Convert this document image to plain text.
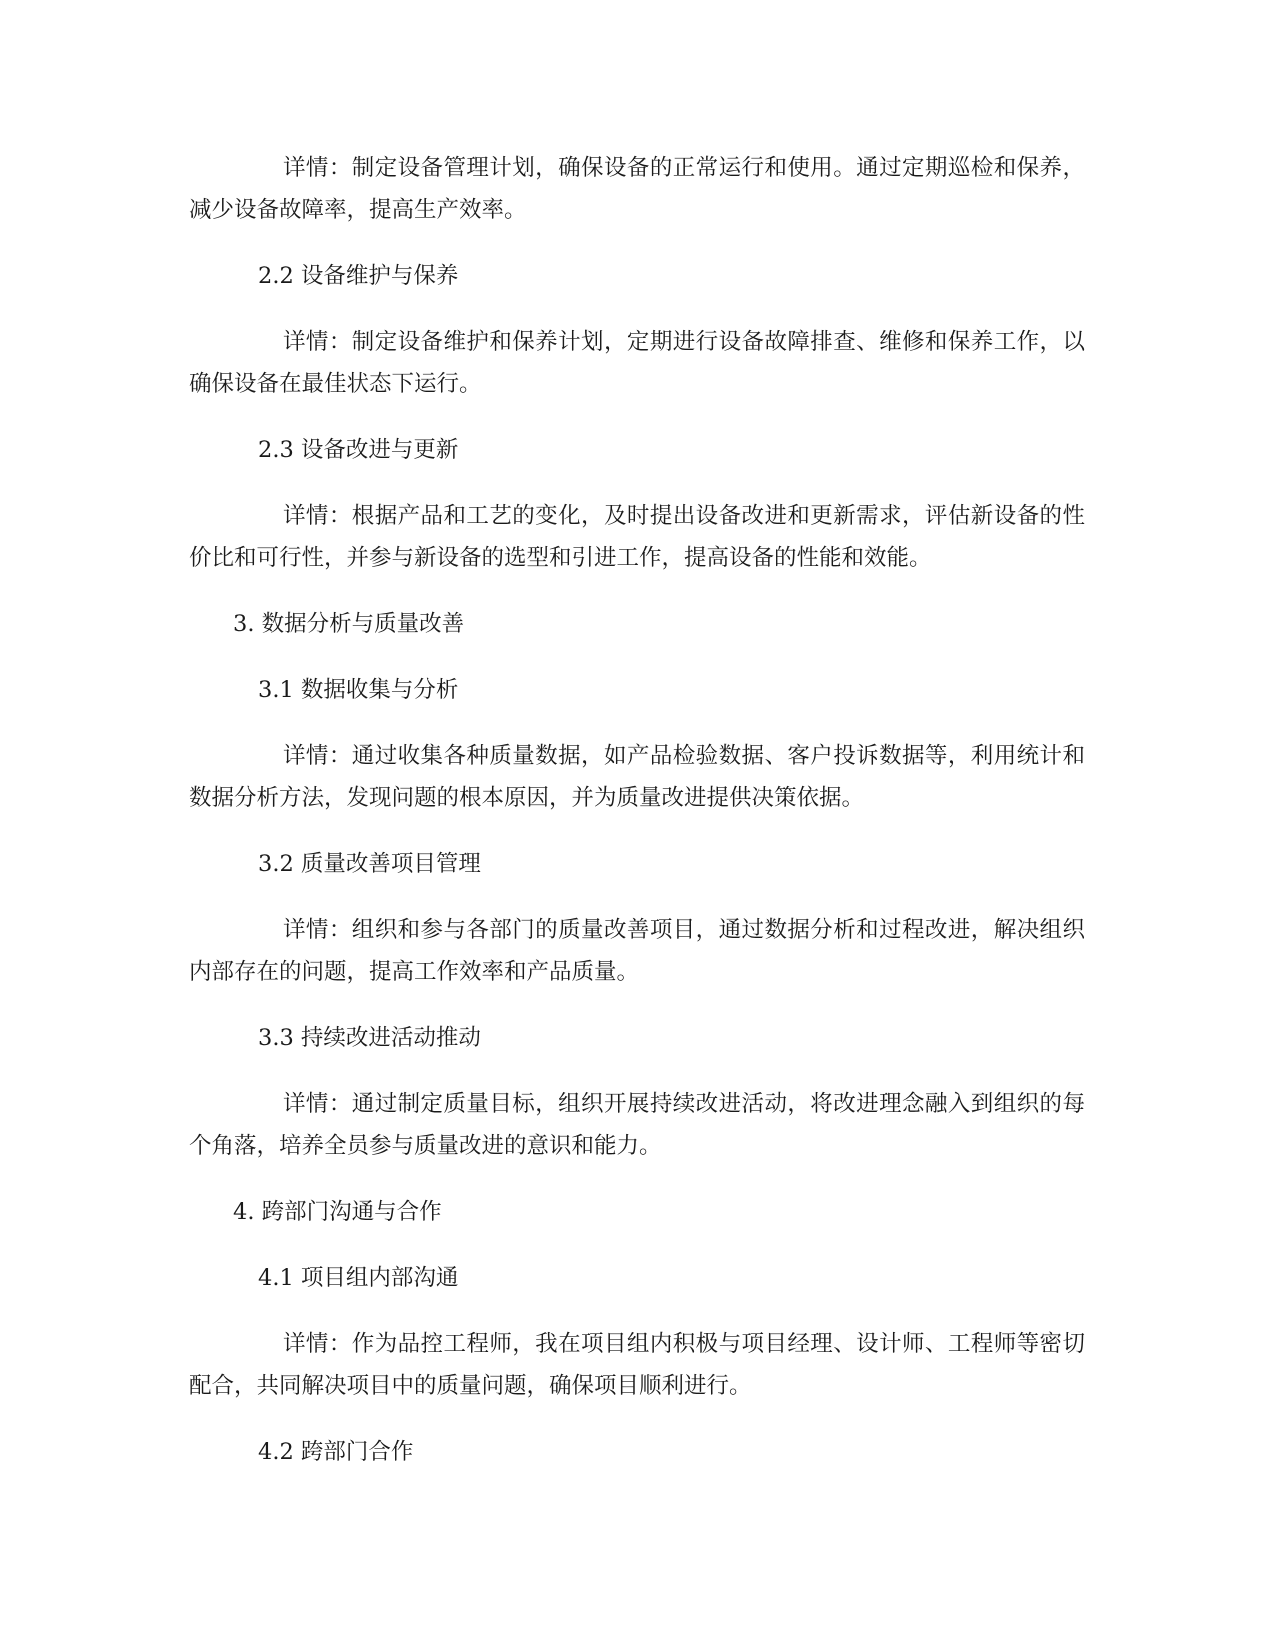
详情：制定设备管理计划，确保设备的正常运行和使用。通过定期巡检和保养，减少设备故障率，提高生产效率。

2.2 设备维护与保养

详情：制定设备维护和保养计划，定期进行设备故障排查、维修和保养工作，以确保设备在最佳状态下运行。

2.3 设备改进与更新

详情：根据产品和工艺的变化，及时提出设备改进和更新需求，评估新设备的性价比和可行性，并参与新设备的选型和引进工作，提高设备的性能和效能。

3. 数据分析与质量改善

3.1 数据收集与分析

详情：通过收集各种质量数据，如产品检验数据、客户投诉数据等，利用统计和数据分析方法，发现问题的根本原因，并为质量改进提供决策依据。

3.2 质量改善项目管理

详情：组织和参与各部门的质量改善项目，通过数据分析和过程改进，解决组织内部存在的问题，提高工作效率和产品质量。

3.3 持续改进活动推动

详情：通过制定质量目标，组织开展持续改进活动，将改进理念融入到组织的每个角落，培养全员参与质量改进的意识和能力。

4. 跨部门沟通与合作

4.1 项目组内部沟通

详情：作为品控工程师，我在项目组内积极与项目经理、设计师、工程师等密切配合，共同解决项目中的质量问题，确保项目顺利进行。

4.2 跨部门合作
